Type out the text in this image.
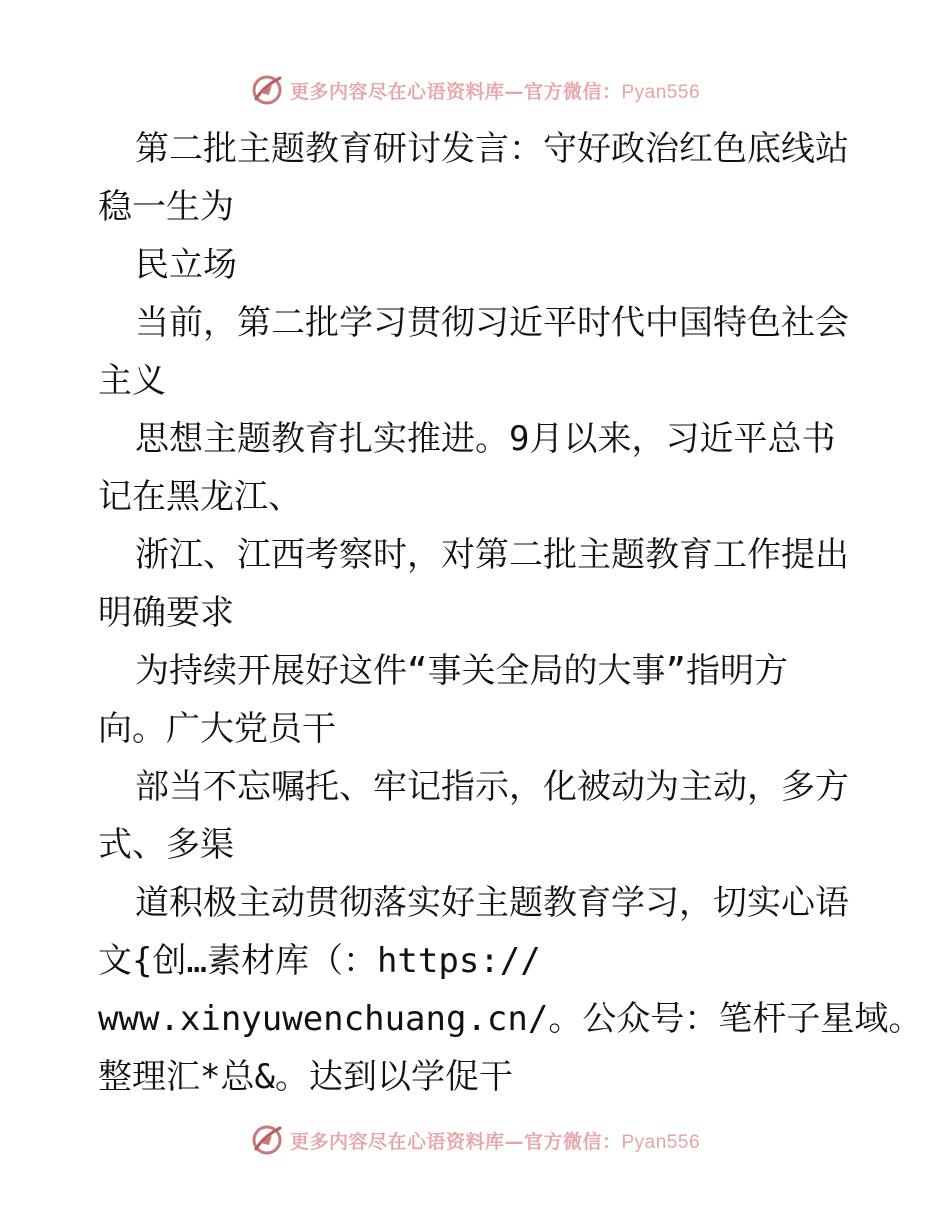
更多内容尽在心语资料库—官方微信：Pyan556
第二批主题教育研讨发言：守好政治红色底线站
稳一生为
民立场
当前，第二批学习贯彻习近平时代中国特色社会
主义
思想主题教育扎实推进。9月以来，习近平总书
记在黑龙江、
浙江、江西考察时，对第二批主题教育工作提出
明确要求
为持续开展好这件“事关全局的大事”指明方
向。广大党员干
部当不忘嘱托、牢记指示，化被动为主动，多方
式、多渠
道积极主动贯彻落实好主题教育学习，切实心语
文{创…素材库（：https://
www.xinyuwenchuang.cn/。公众号：笔杆子星域。
整理汇*总&。达到以学促干
更多内容尽在心语资料库—官方微信：Pyan556
